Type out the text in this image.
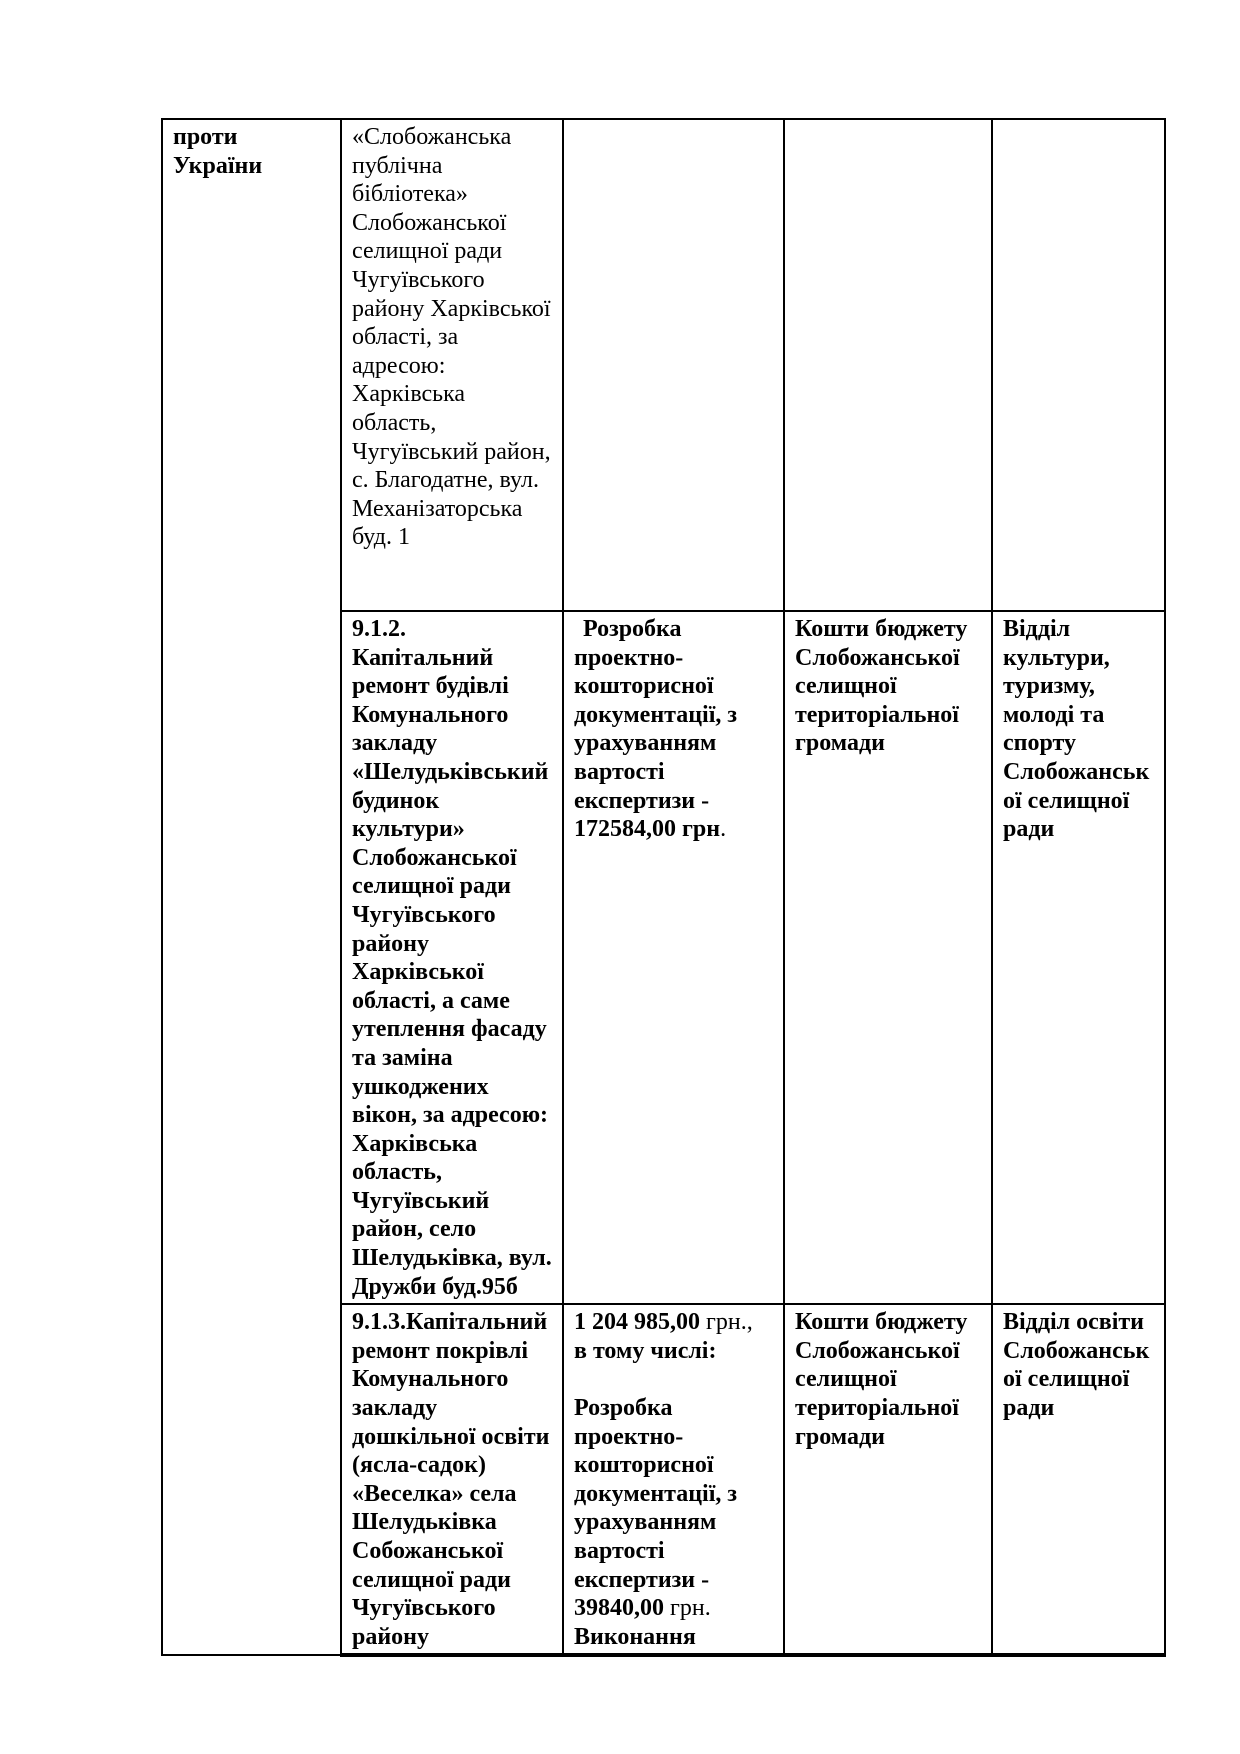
проти України	«Слобожанська публічна бібліотека» Слобожанської селищної ради Чугуївського району Харківської області, за адресою: Харківська область, Чугуївський район, с. Благодатне, вул. Механізаторська буд. 1			

	9.1.2. Капітальний ремонт будівлі Комунального закладу «Шелудьківський будинок культури» Слобожанської селищної ради Чугуївського району Харківської області, а саме утеплення фасаду та заміна ушкоджених вікон, за адресою: Харківська область, Чугуївський район, село Шелудьківка, вул. Дружби буд.95б	Розробка проектно-кошторисної документації, з урахуванням вартості експертизи - 172584,00 грн.	Кошти бюджету Слобожанської селищної територіальної громади	Відділ культури, туризму, молоді та спорту Слобожанської селищної ради

	9.1.3.Капітальний ремонт покрівлі Комунального закладу дошкільної освіти (ясла-садок) «Веселка» села Шелудьківка Собожанської селищної ради Чугуївського району	1 204 985,00 грн.,

в тому числі:

Розробка проектно-кошторисної документації, з урахуванням вартості експертизи - 39840,00 грн. Виконання	Кошти бюджету Слобожанської селищної територіальної громади	Відділ освіти Слобожанської селищної ради
